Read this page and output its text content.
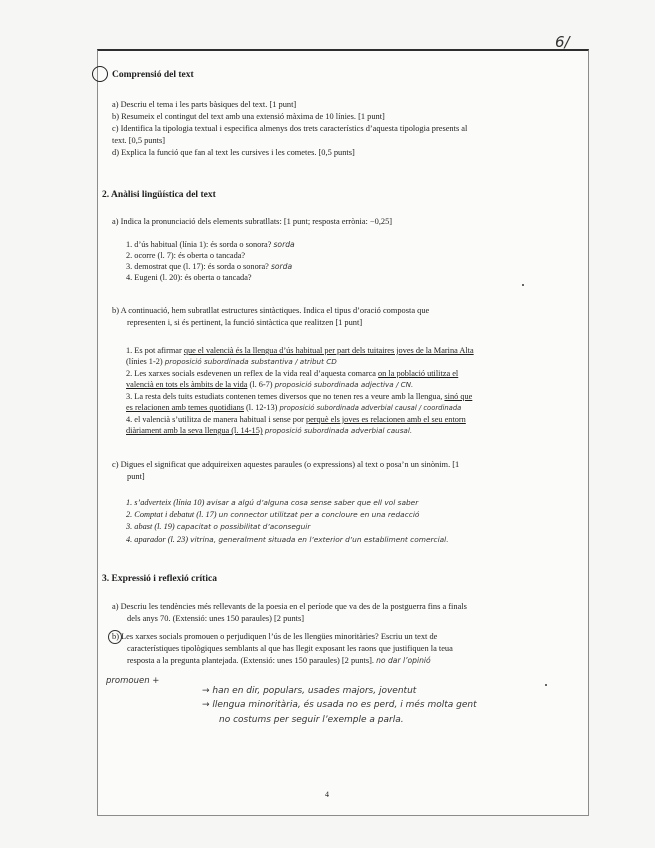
6/

Comprensió del text

a) Descriu el tema i les parts bàsiques del text. [1 punt]

b) Resumeix el contingut del text amb una extensió màxima de 10 línies. [1 punt]

c) Identifica la tipologia textual i especifica almenys dos trets característics d’aquesta tipologia presents al

text. [0,5 punts]

d) Explica la funció que fan al text les cursives i les cometes. [0,5 punts]

2. Anàlisi lingüística del text

a) Indica la pronunciació dels elements subratllats: [1 punt; resposta errònia: −0,25]

1. d’ús habitual (línia 1): és sorda o sonora? sorda

2. ocorre (l. 7): és oberta o tancada?

3. demostrat que (l. 17): és sorda o sonora? sorda

4. Eugeni (l. 20): és oberta o tancada?

b) A continuació, hem subratllat estructures sintàctiques. Indica el tipus d’oració composta que

representen i, si és pertinent, la funció sintàctica que realitzen [1 punt]

1. Es pot afirmar que el valencià és la llengua d’ús habitual per part dels tuitaires joves de la Marina Alta

(línies 1-2) proposició subordinada substantiva / atribut CD

2. Les xarxes socials esdevenen un reflex de la vida real d’aquesta comarca on la població utilitza el

valencià en tots els àmbits de la vida (l. 6-7) proposició subordinada adjectiva / CN.

3. La resta dels tuits estudiats contenen temes diversos que no tenen res a veure amb la llengua, sinó que

es relacionen amb temes quotidians (l. 12-13) proposició subordinada adverbial causal / coordinada

4. el valencià s’utilitza de manera habitual i sense por perquè els joves es relacionen amb el seu entorn

diàriament amb la seva llengua (l. 14-15) proposició subordinada adverbial causal.

c) Digues el significat que adquireixen aquestes paraules (o expressions) al text o posa’n un sinònim. [1

punt]

1. s’adverteix (línia 10) avisar a algú d’alguna cosa sense saber que ell vol saber

2. Comptat i debatut (l. 17) un connector utilitzat per a concloure en una redacció

3. abast (l. 19) capacitat o possibilitat d’aconseguir

4. aparador (l. 23) vitrina, generalment situada en l’exterior d’un establiment comercial.

3. Expressió i reflexió crítica

a) Descriu les tendències més rellevants de la poesia en el període que va des de la postguerra fins a finals

dels anys 70. (Extensió: unes 150 paraules) [2 punts]

b) Les xarxes socials promouen o perjudiquen l’ús de les llengües minoritàries? Escriu un text de

característiques tipològiques semblants al que has llegit exposant les raons que justifiquen la teua

resposta a la pregunta plantejada. (Extensió: unes 150 paraules) [2 punts]. no dar l’opinió

promouen +

→ han en dir, populars, usades majors, joventut

→ llengua minoritària, és usada no es perd, i més molta gent

no costums per seguir l’exemple a parla.

4
